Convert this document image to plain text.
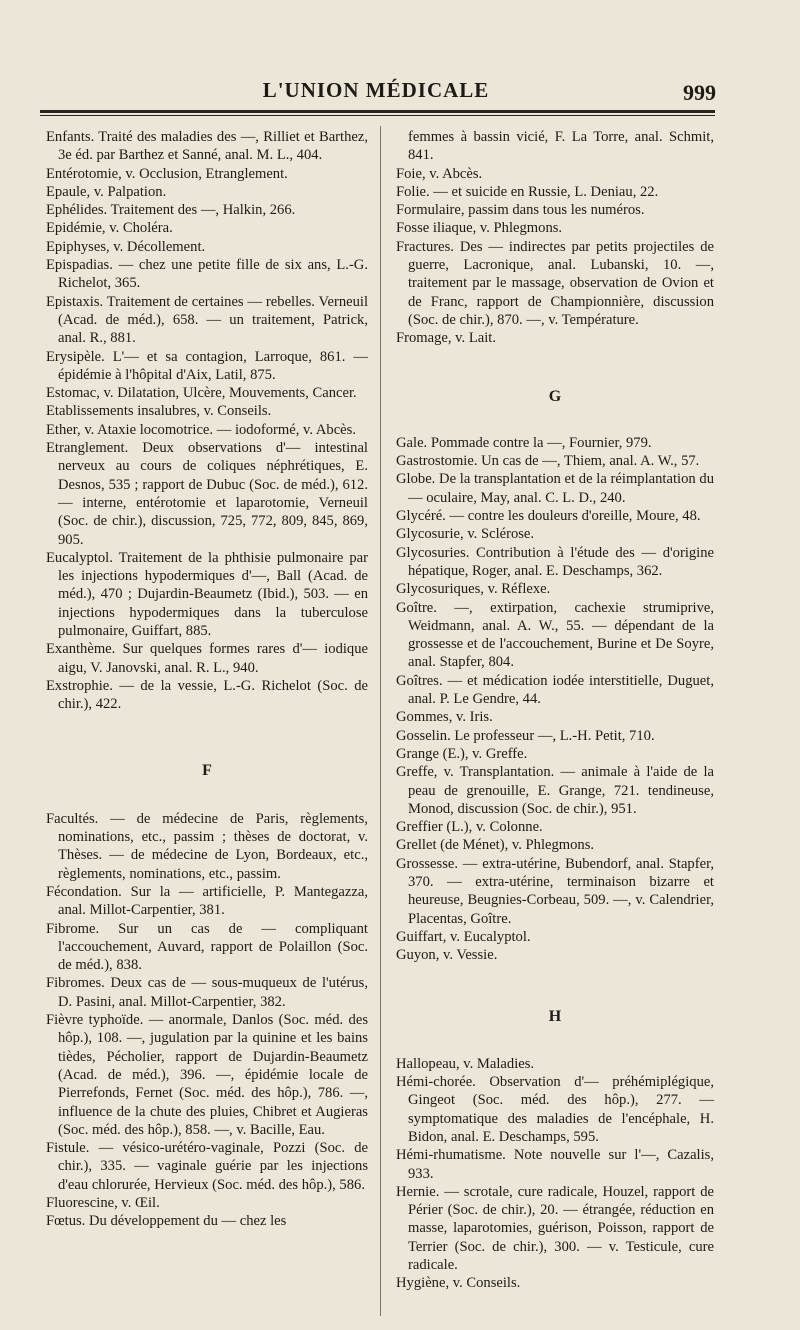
L'UNION MÉDICALE	999

Enfants. Traité des maladies des —, Rilliet et Barthez, 3e éd. par Barthez et Sanné, anal. M. L., 404.

Entérotomie, v. Occlusion, Etranglement.

Epaule, v. Palpation.

Ephélides. Traitement des —, Halkin, 266.

Epidémie, v. Choléra.

Epiphyses, v. Décollement.

Epispadias. — chez une petite fille de six ans, L.-G. Richelot, 365.

Epistaxis. Traitement de certaines — rebelles. Verneuil (Acad. de méd.), 658. — un traitement, Patrick, anal. R., 881.

Erysipèle. L'— et sa contagion, Larroque, 861. — épidémie à l'hôpital d'Aix, Latil, 875.

Estomac, v. Dilatation, Ulcère, Mouvements, Cancer.

Etablissements insalubres, v. Conseils.

Ether, v. Ataxie locomotrice. — iodoformé, v. Abcès.

Etranglement. Deux observations d'— intestinal nerveux au cours de coliques néphrétiques, E. Desnos, 535 ; rapport de Dubuc (Soc. de méd.), 612. — interne, entérotomie et laparotomie, Verneuil (Soc. de chir.), discussion, 725, 772, 809, 845, 869, 905.

Eucalyptol. Traitement de la phthisie pulmonaire par les injections hypodermiques d'—, Ball (Acad. de méd.), 470 ; Dujardin-Beaumetz (Ibid.), 503. — en injections hypodermiques dans la tuberculose pulmonaire, Guiffart, 885.

Exanthème. Sur quelques formes rares d'— iodique aigu, V. Janovski, anal. R. L., 940.

Exstrophie. — de la vessie, L.-G. Richelot (Soc. de chir.), 422.

F

Facultés. — de médecine de Paris, règlements, nominations, etc., passim ; thèses de doctorat, v. Thèses. — de médecine de Lyon, Bordeaux, etc., règlements, nominations, etc., passim.

Fécondation. Sur la — artificielle, P. Mantegazza, anal. Millot-Carpentier, 381.

Fibrome. Sur un cas de — compliquant l'accouchement, Auvard, rapport de Polaillon (Soc. de méd.), 838.

Fibromes. Deux cas de — sous-muqueux de l'utérus, D. Pasini, anal. Millot-Carpentier, 382.

Fièvre typhoïde. — anormale, Danlos (Soc. méd. des hôp.), 108. —, jugulation par la quinine et les bains tièdes, Pécholier, rapport de Dujardin-Beaumetz (Acad. de méd.), 396. —, épidémie locale de Pierrefonds, Fernet (Soc. méd. des hôp.), 786. —, influence de la chute des pluies, Chibret et Augieras (Soc. méd. des hôp.), 858. —, v. Bacille, Eau.

Fistule. — vésico-urétéro-vaginale, Pozzi (Soc. de chir.), 335. — vaginale guérie par les injections d'eau chlorurée, Hervieux (Soc. méd. des hôp.), 586.

Fluorescine, v. Œil.

Fœtus. Du développement du — chez les

femmes à bassin vicié, F. La Torre, anal. Schmit, 841.

Foie, v. Abcès.

Folie. — et suicide en Russie, L. Deniau, 22.

Formulaire, passim dans tous les numéros.

Fosse iliaque, v. Phlegmons.

Fractures. Des — indirectes par petits projectiles de guerre, Lacronique, anal. Lubanski, 10. —, traitement par le massage, observation de Ovion et de Franc, rapport de Championnière, discussion (Soc. de chir.), 870. —, v. Température.

Fromage, v. Lait.

G

Gale. Pommade contre la —, Fournier, 979.

Gastrostomie. Un cas de —, Thiem, anal. A. W., 57.

Globe. De la transplantation et de la réimplantation du — oculaire, May, anal. C. L. D., 240.

Glycéré. — contre les douleurs d'oreille, Moure, 48.

Glycosurie, v. Sclérose.

Glycosuries. Contribution à l'étude des — d'origine hépatique, Roger, anal. E. Deschamps, 362.

Glycosuriques, v. Réflexe.

Goître. —, extirpation, cachexie strumiprive, Weidmann, anal. A. W., 55. — dépendant de la grossesse et de l'accouchement, Burine et De Soyre, anal. Stapfer, 804.

Goîtres. — et médication iodée interstitielle, Duguet, anal. P. Le Gendre, 44.

Gommes, v. Iris.

Gosselin. Le professeur —, L.-H. Petit, 710.

Grange (E.), v. Greffe.

Greffe, v. Transplantation. — animale à l'aide de la peau de grenouille, E. Grange, 721. tendineuse, Monod, discussion (Soc. de chir.), 951.

Greffier (L.), v. Colonne.

Grellet (de Ménet), v. Phlegmons.

Grossesse. — extra-utérine, Bubendorf, anal. Stapfer, 370. — extra-utérine, terminaison bizarre et heureuse, Beugnies-Corbeau, 509. —, v. Calendrier, Placentas, Goître.

Guiffart, v. Eucalyptol.

Guyon, v. Vessie.

H

Hallopeau, v. Maladies.

Hémi-chorée. Observation d'— préhémiplégique, Gingeot (Soc. méd. des hôp.), 277. — symptomatique des maladies de l'encéphale, H. Bidon, anal. E. Deschamps, 595.

Hémi-rhumatisme. Note nouvelle sur l'—, Cazalis, 933.

Hernie. — scrotale, cure radicale, Houzel, rapport de Périer (Soc. de chir.), 20. — étrangée, réduction en masse, laparotomies, guérison, Poisson, rapport de Terrier (Soc. de chir.), 300. — v. Testicule, cure radicale.

Hygiène, v. Conseils.
